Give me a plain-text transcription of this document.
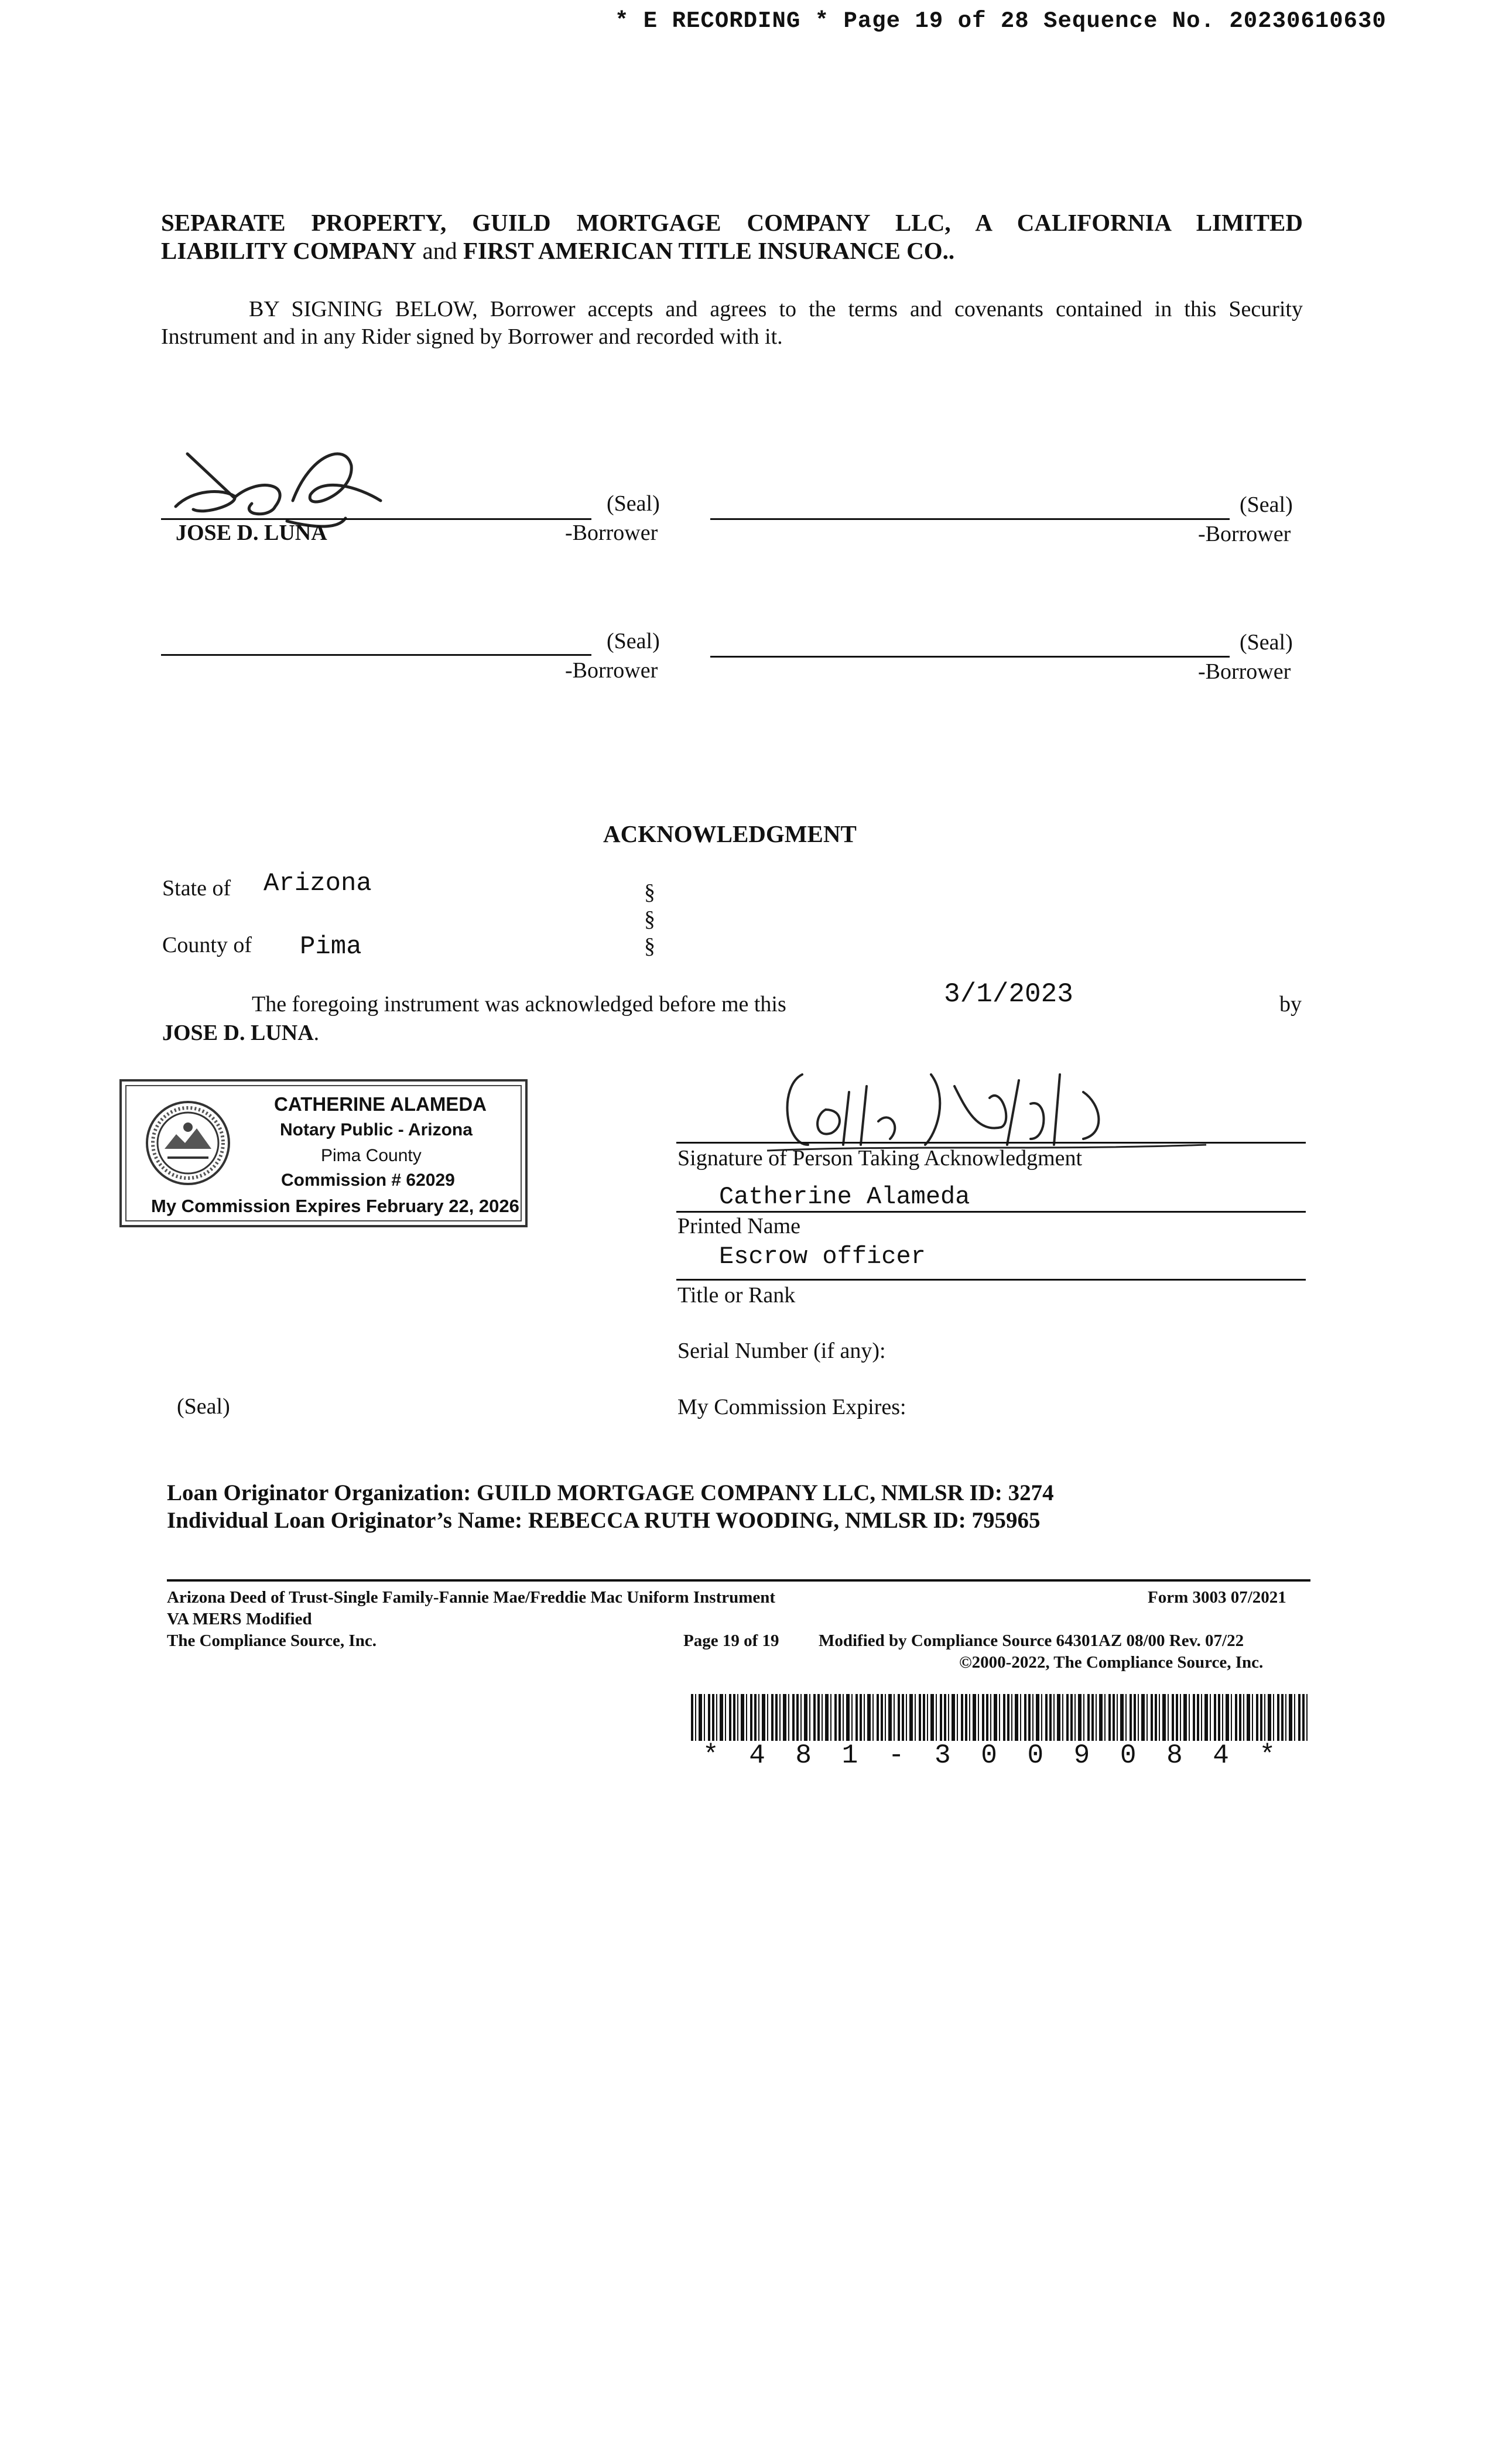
* E RECORDING * Page 19 of 28 Sequence No. 20230610630
SEPARATE PROPERTY, GUILD MORTGAGE COMPANY LLC, A CALIFORNIA LIMITED
LIABILITY COMPANY and FIRST AMERICAN TITLE INSURANCE CO..
BY SIGNING BELOW, Borrower accepts and agrees to the terms and covenants contained in this Security
Instrument and in any Rider signed by Borrower and recorded with it.
JOSE D. LUNA
(Seal)
-Borrower
(Seal)
-Borrower
(Seal)
-Borrower
(Seal)
-Borrower
ACKNOWLEDGMENT
State of Arizona
County of Pima
§
§
§
The foregoing instrument was acknowledged before me this	3/1/2023	by
JOSE D. LUNA.
CATHERINE ALAMEDA
Notary Public - Arizona
Pima County
Commission # 62029
My Commission Expires February 22, 2026
Signature of Person Taking Acknowledgment
Catherine Alameda
Printed Name
Escrow officer
Title or Rank
Serial Number (if any):
My Commission Expires:
(Seal)
Loan Originator Organization: GUILD MORTGAGE COMPANY LLC, NMLSR ID: 3274
Individual Loan Originator’s Name: REBECCA RUTH WOODING, NMLSR ID: 795965
Arizona Deed of Trust-Single Family-Fannie Mae/Freddie Mac Uniform Instrument	Form 3003 07/2021
VA MERS Modified
The Compliance Source, Inc.	Page 19 of 19 Modified by Compliance Source 64301AZ 08/00 Rev. 07/22
©2000-2022, The Compliance Source, Inc.
* 4 8 1 - 3 0 0 9 0 8 4 *
